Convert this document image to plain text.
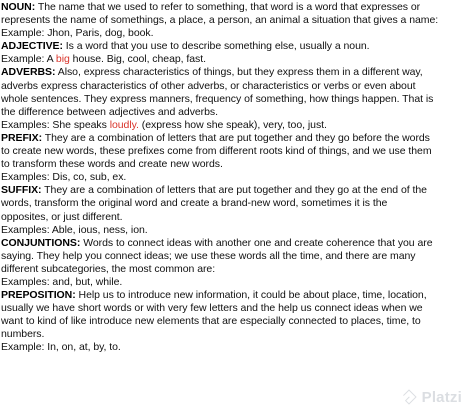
NOUN: The name that we used to refer to something, that word is a word that expresses or
represents the name of somethings, a place, a person, an animal a situation that gives a name:
Example: Jhon, Paris, dog, book.
ADJECTIVE: Is a word that you use to describe something else, usually a noun.
Example: A big house. Big, cool, cheap, fast.
ADVERBS: Also, express characteristics of things, but they express them in a different way,
adverbs express characteristics of other adverbs, or characteristics or verbs or even about
whole sentences. They express manners, frequency of something, how things happen. That is
the difference between adjectives and adverbs.
Examples: She speaks loudly. (express how she speak), very, too, just.
PREFIX: They are a combination of letters that are put together and they go before the words
to create new words, these prefixes come from different roots kind of things, and we use them
to transform these words and create new words.
Examples: Dis, co, sub, ex.
SUFFIX: They are a combination of letters that are put together and they go at the end of the
words, transform the original word and create a brand-new word, sometimes it is the
opposites, or just different.
Examples: Able, ious, ness, ion.
CONJUNTIONS: Words to connect ideas with another one and create coherence that you are
saying. They help you connect ideas; we use these words all the time, and there are many
different subcategories, the most common are:
Examples: and, but, while.
PREPOSITION: Help us to introduce new information, it could be about place, time, location,
usually we have short words or with very few letters and the help us connect ideas when we
want to kind of like introduce new elements that are especially connected to places, time, to
numbers.
Example: In, on, at, by, to.
Platzi
